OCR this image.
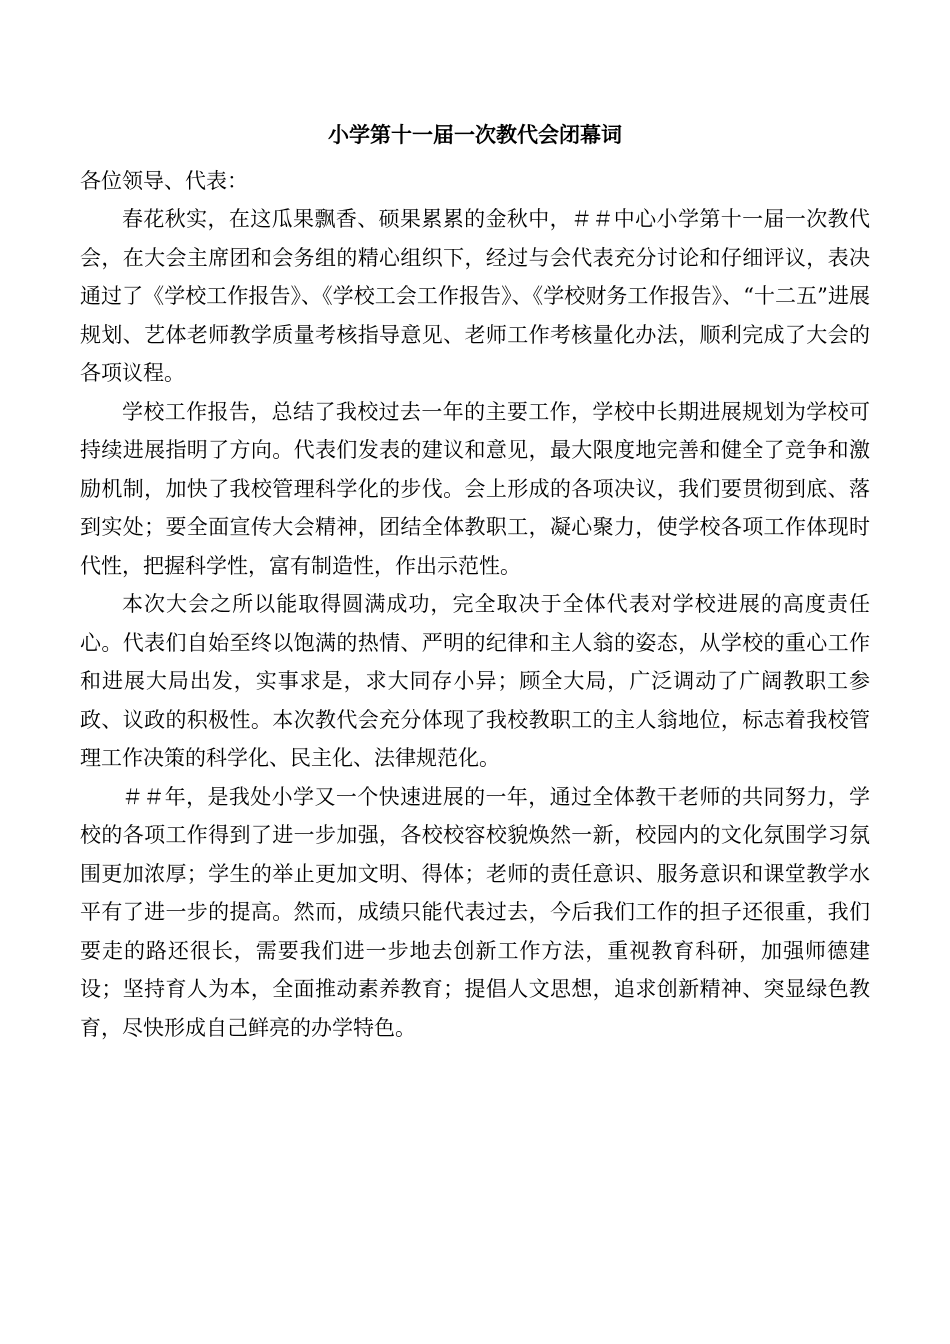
小学第十一届一次教代会闭幕词

各位领导、代表：

春花秋实，在这瓜果飘香、硕果累累的金秋中，＃＃中心小学第十一届一次教代会，在大会主席团和会务组的精心组织下，经过与会代表充分讨论和仔细评议，表决通过了《学校工作报告》、《学校工会工作报告》、《学校财务工作报告》、“十二五”进展规划、艺体老师教学质量考核指导意见、老师工作考核量化办法，顺利完成了大会的各项议程。

学校工作报告，总结了我校过去一年的主要工作，学校中长期进展规划为学校可持续进展指明了方向。代表们发表的建议和意见，最大限度地完善和健全了竞争和激励机制，加快了我校管理科学化的步伐。会上形成的各项决议，我们要贯彻到底、落到实处；要全面宣传大会精神，团结全体教职工，凝心聚力，使学校各项工作体现时代性，把握科学性，富有制造性，作出示范性。

本次大会之所以能取得圆满成功，完全取决于全体代表对学校进展的高度责任心。代表们自始至终以饱满的热情、严明的纪律和主人翁的姿态，从学校的重心工作和进展大局出发，实事求是，求大同存小异；顾全大局，广泛调动了广阔教职工参政、议政的积极性。本次教代会充分体现了我校教职工的主人翁地位，标志着我校管理工作决策的科学化、民主化、法律规范化。

＃＃年，是我处小学又一个快速进展的一年，通过全体教干老师的共同努力，学校的各项工作得到了进一步加强，各校校容校貌焕然一新，校园内的文化氛围学习氛围更加浓厚；学生的举止更加文明、得体；老师的责任意识、服务意识和课堂教学水平有了进一步的提高。然而，成绩只能代表过去，今后我们工作的担子还很重，我们要走的路还很长，需要我们进一步地去创新工作方法，重视教育科研，加强师德建设；坚持育人为本，全面推动素养教育；提倡人文思想，追求创新精神、突显绿色教育，尽快形成自己鲜亮的办学特色。
